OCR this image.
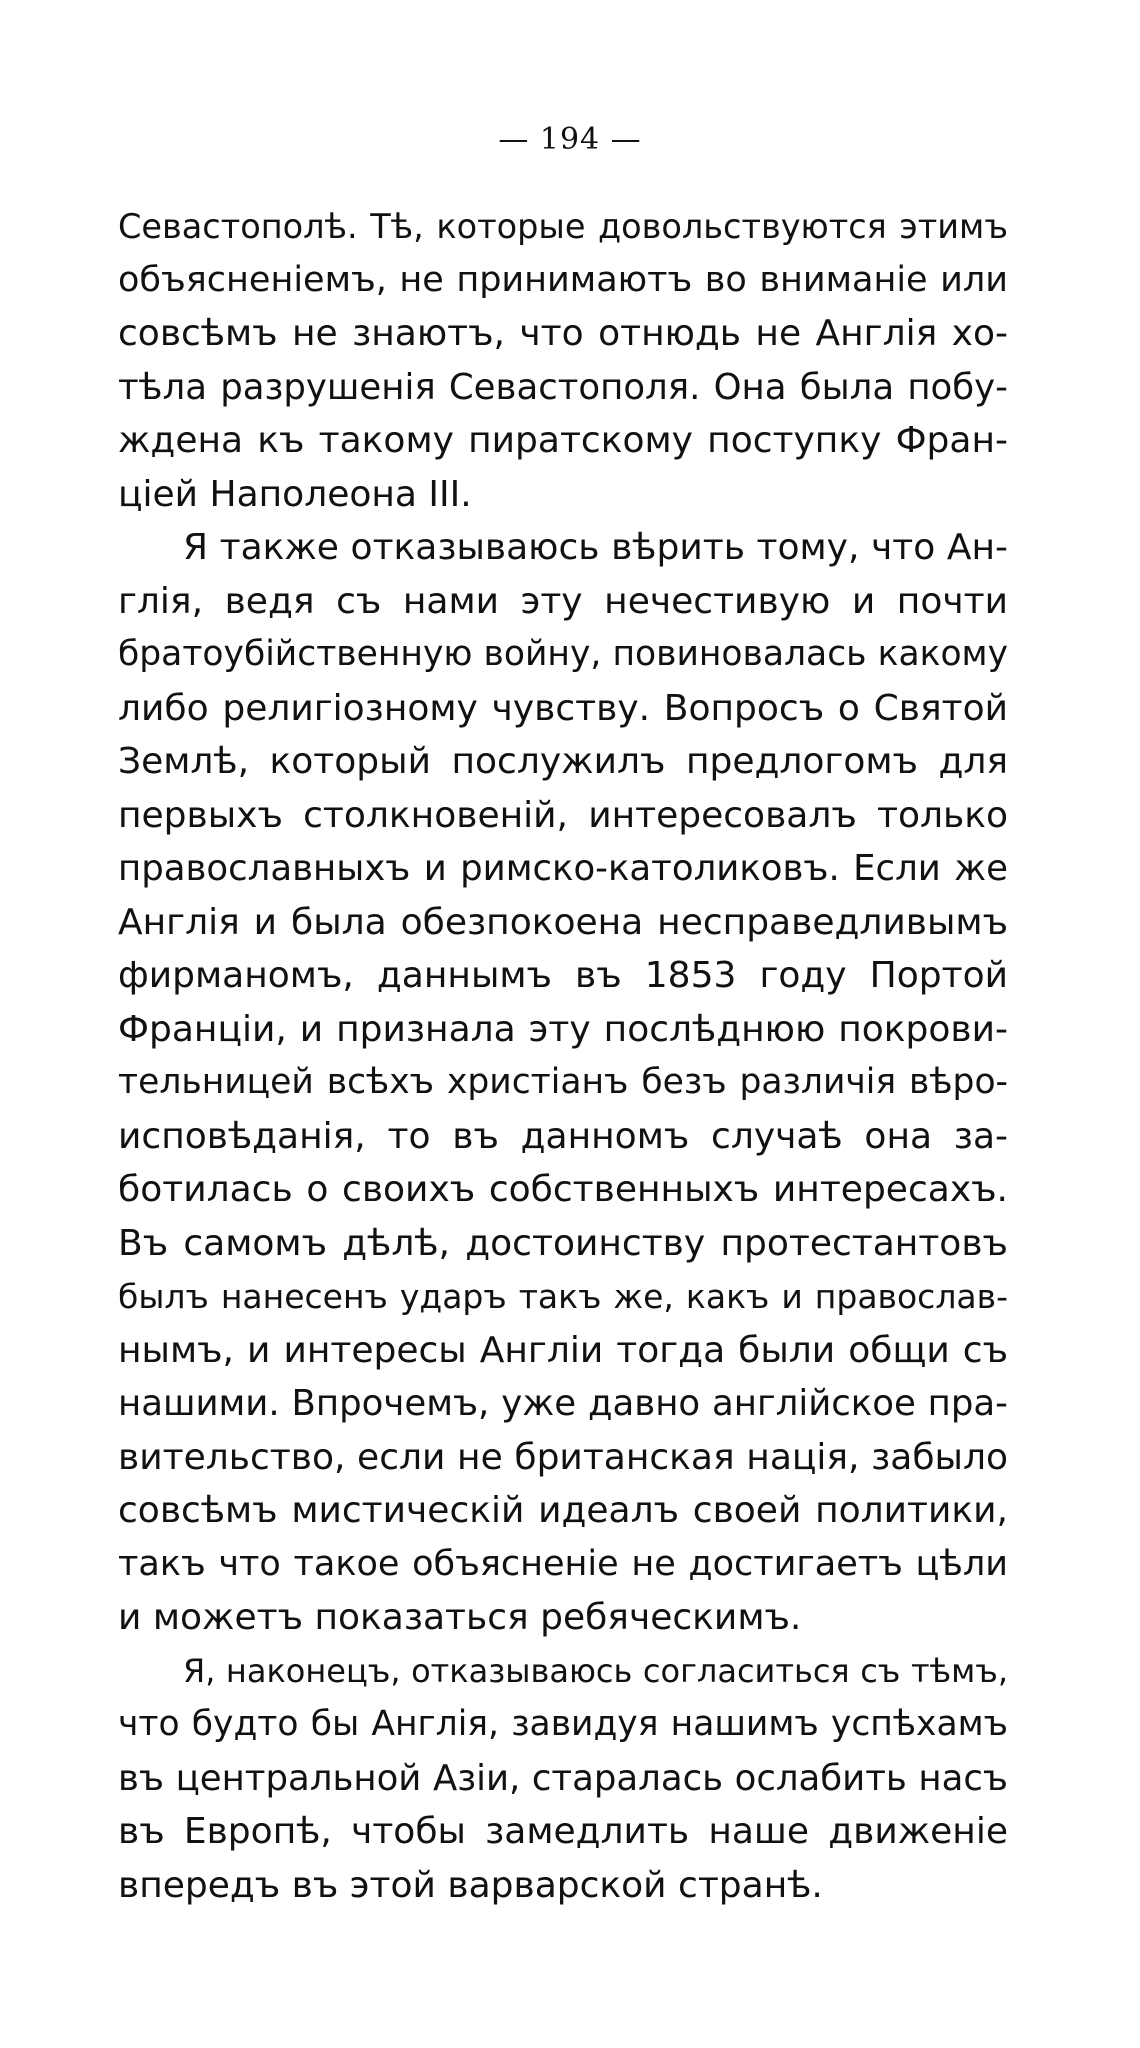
— 194 —
Севастополѣ. Тѣ, которые довольствуются этимъ
объясненіемъ, не принимаютъ во вниманіе или
совсѣмъ не знаютъ, что отнюдь не Англія хо-
тѣла разрушенія Севастополя. Она была побу-
ждена къ такому пиратскому поступку Фран-
ціей Наполеона III.
Я также отказываюсь вѣрить тому, что Ан-
глія, ведя съ нами эту нечестивую и почти
братоубійственную войну, повиновалась какому
либо религіозному чувству. Вопросъ о Святой
Землѣ, который послужилъ предлогомъ для
первыхъ столкновеній, интересовалъ только
православныхъ и римско-католиковъ. Если же
Англія и была обезпокоена несправедливымъ
фирманомъ, даннымъ въ 1853 году Портой
Франціи, и признала эту послѣднюю покрови-
тельницей всѣхъ христіанъ безъ различія вѣро-
исповѣданія, то въ данномъ случаѣ она за-
ботилась о своихъ собственныхъ интересахъ.
Въ самомъ дѣлѣ, достоинству протестантовъ
былъ нанесенъ ударъ такъ же, какъ и православ-
нымъ, и интересы Англіи тогда были общи съ
нашими. Впрочемъ, уже давно англійское пра-
вительство, если не британская нація, забыло
совсѣмъ мистическій идеалъ своей политики,
такъ что такое объясненіе не достигаетъ цѣли
и можетъ показаться ребяческимъ.
Я, наконецъ, отказываюсь согласиться съ тѣмъ,
что будто бы Англія, завидуя нашимъ успѣхамъ
въ центральной Азіи, старалась ослабить насъ
въ Европѣ, чтобы замедлить наше движеніе
впередъ въ этой варварской странѣ.
